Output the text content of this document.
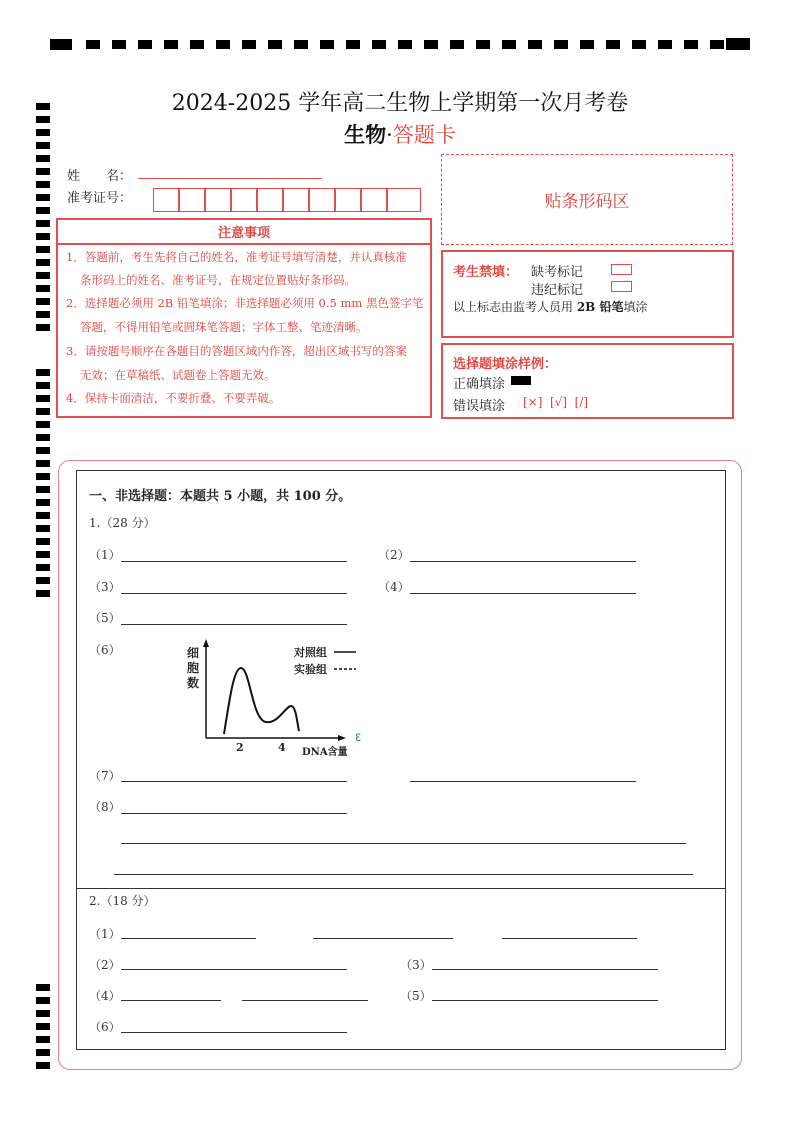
2024-2025 学年高二生物上学期第一次月考卷
生物·答题卡
姓　　名：
准考证号：	贴条形码区
注意事项
1．答题前，考生先将自己的姓名，准考证号填写清楚，并认真核准
条形码上的姓名、准考证号，在规定位置贴好条形码。
2．选择题必须用 2B 铅笔填涂；非选择题必须用 0.5 mm 黑色签字笔
答题，不得用铅笔或圆珠笔答题；字体工整、笔迹清晰。
3．请按题号顺序在各题目的答题区域内作答，超出区域书写的答案
无效；在草稿纸、试题卷上答题无效。
4．保持卡面清洁，不要折叠、不要弄破。
考生禁填： 缺考标记
违纪标记
以上标志由监考人员用 2B 铅笔填涂
选择题填涂样例：
正确填涂
错误填涂 [×]  [√]  [/]
一、非选择题：本题共 5 小题，共 100 分。
1.（28 分）
（1）	（2）
（3）	（4）
（5）
（6）	细
胞
数
对照组
实验组
2	4 DNA含量
ℇ
（7）
（8）
2.（18 分）
（1）
（2）	（3）
（4）	（5）
（6）
